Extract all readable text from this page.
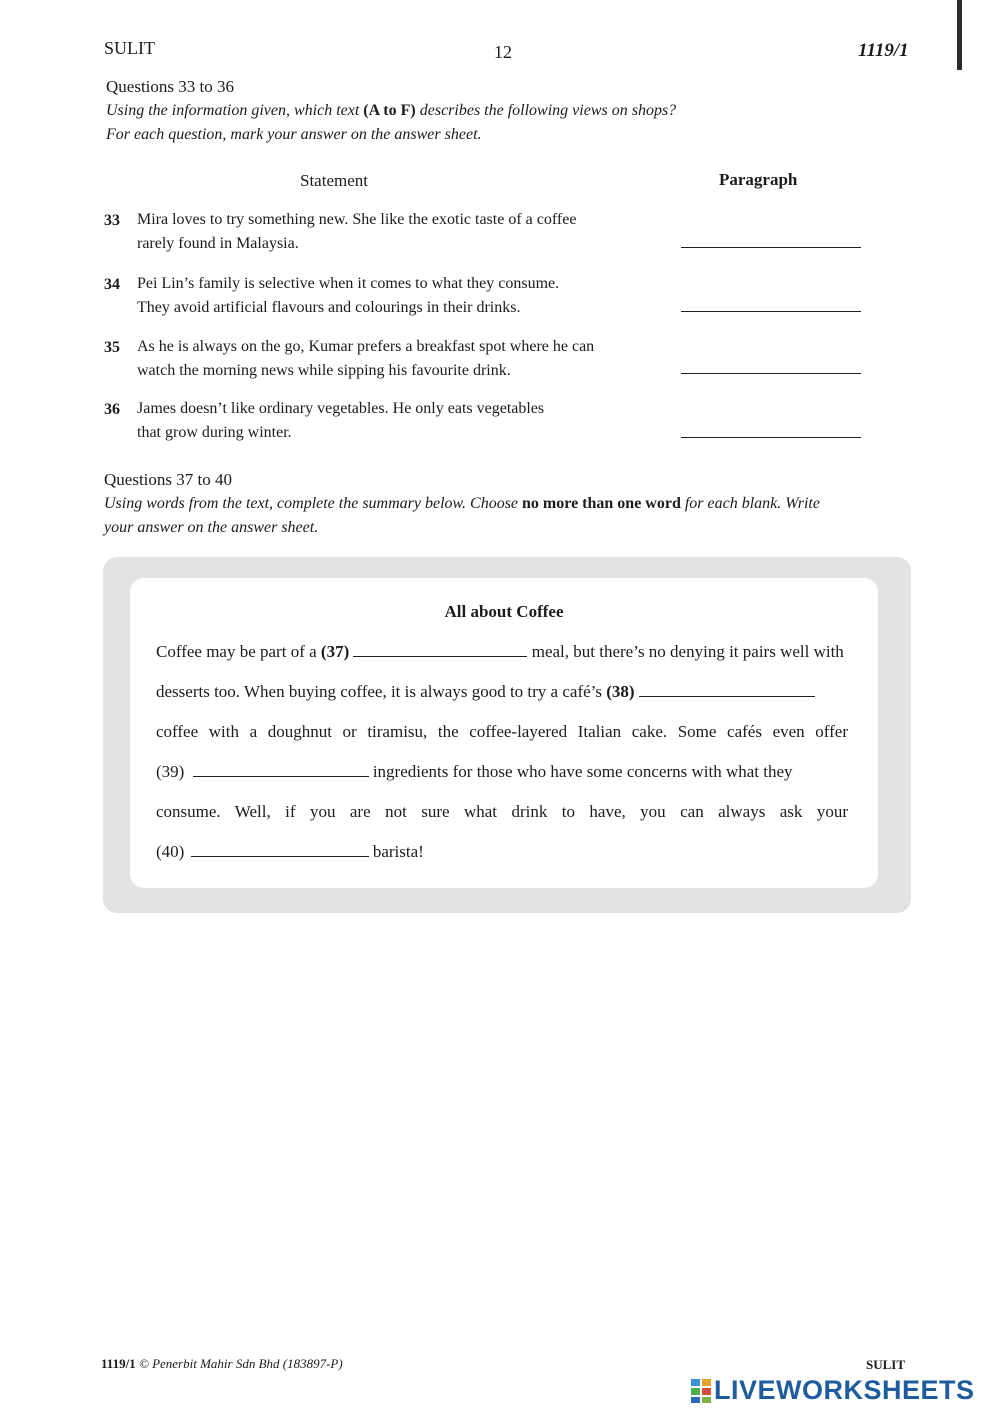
SULIT	12	1119/1
Questions 33 to 36
Using the information given, which text (A to F) describes the following views on shops?
For each question, mark your answer on the answer sheet.
Statement	Paragraph
33 Mira loves to try something new. She like the exotic taste of a coffee
rarely found in Malaysia.
34 Pei Lin’s family is selective when it comes to what they consume.
They avoid artificial flavours and colourings in their drinks.
35 As he is always on the go, Kumar prefers a breakfast spot where he can
watch the morning news while sipping his favourite drink.
36 James doesn’t like ordinary vegetables. He only eats vegetables
that grow during winter.
Questions 37 to 40
Using words from the text, complete the summary below. Choose no more than one word for each blank. Write
your answer on the answer sheet.
All about Coffee
Coffee may be part of a (37)	meal, but there’s no denying it pairs well with
desserts too. When buying coffee, it is always good to try a café’s (38)
coffee with a doughnut or tiramisu, the coffee-layered Italian cake. Some cafés even offer
(39)	ingredients for those who have some concerns with what they
consume. Well, if you are not sure what drink to have, you can always ask your
(40)	barista!
1119/1 © Penerbit Mahir Sdn Bhd (183897-P)	SULIT
LIVEWORKSHEETS
